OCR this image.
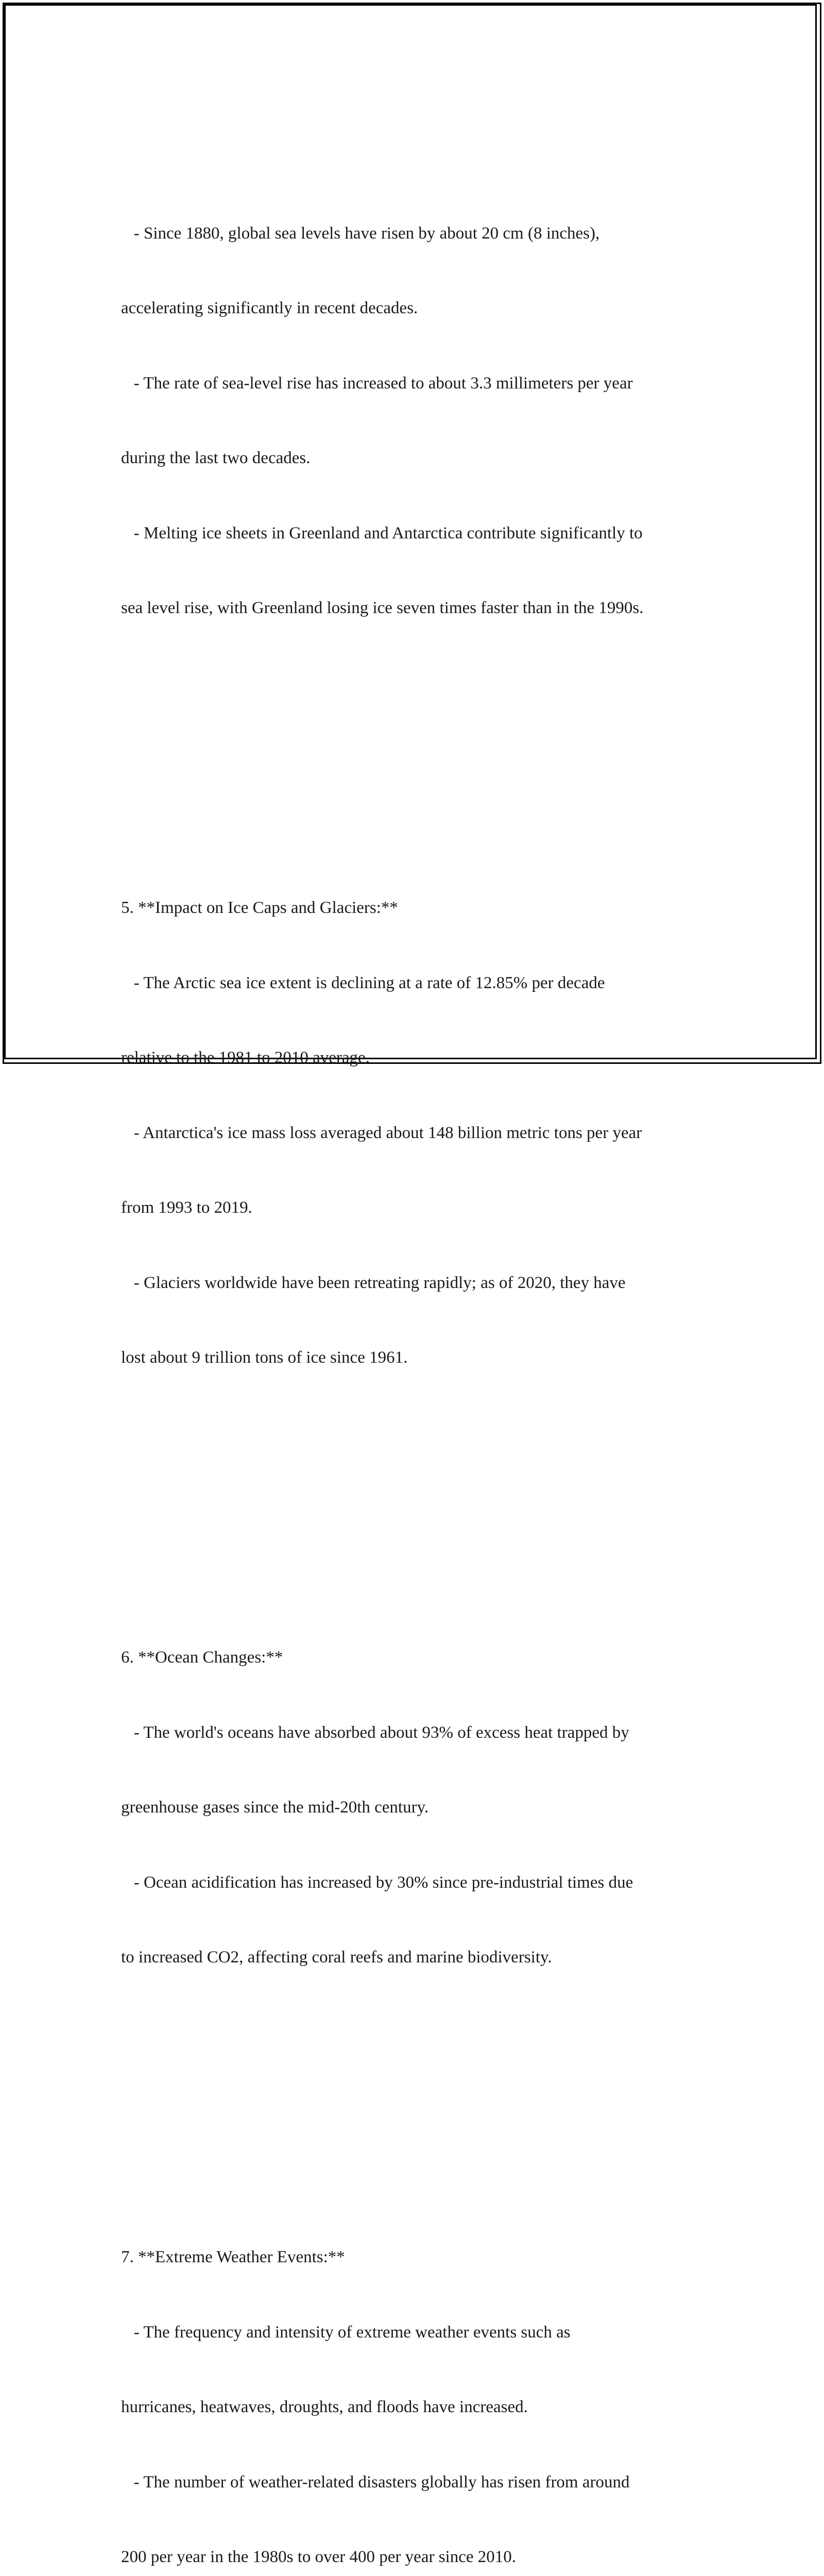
- Since 1880, global sea levels have risen by about 20 cm (8 inches),

accelerating significantly in recent decades.

- The rate of sea-level rise has increased to about 3.3 millimeters per year

during the last two decades.

- Melting ice sheets in Greenland and Antarctica contribute significantly to

sea level rise, with Greenland losing ice seven times faster than in the 1990s.

5. **Impact on Ice Caps and Glaciers:**

- The Arctic sea ice extent is declining at a rate of 12.85% per decade

relative to the 1981 to 2010 average.

- Antarctica's ice mass loss averaged about 148 billion metric tons per year

from 1993 to 2019.

- Glaciers worldwide have been retreating rapidly; as of 2020, they have

lost about 9 trillion tons of ice since 1961.

6. **Ocean Changes:**

- The world's oceans have absorbed about 93% of excess heat trapped by

greenhouse gases since the mid-20th century.

- Ocean acidification has increased by 30% since pre-industrial times due

to increased CO2, affecting coral reefs and marine biodiversity.

7. **Extreme Weather Events:**

- The frequency and intensity of extreme weather events such as

hurricanes, heatwaves, droughts, and floods have increased.

- The number of weather-related disasters globally has risen from around

200 per year in the 1980s to over 400 per year since 2010.
